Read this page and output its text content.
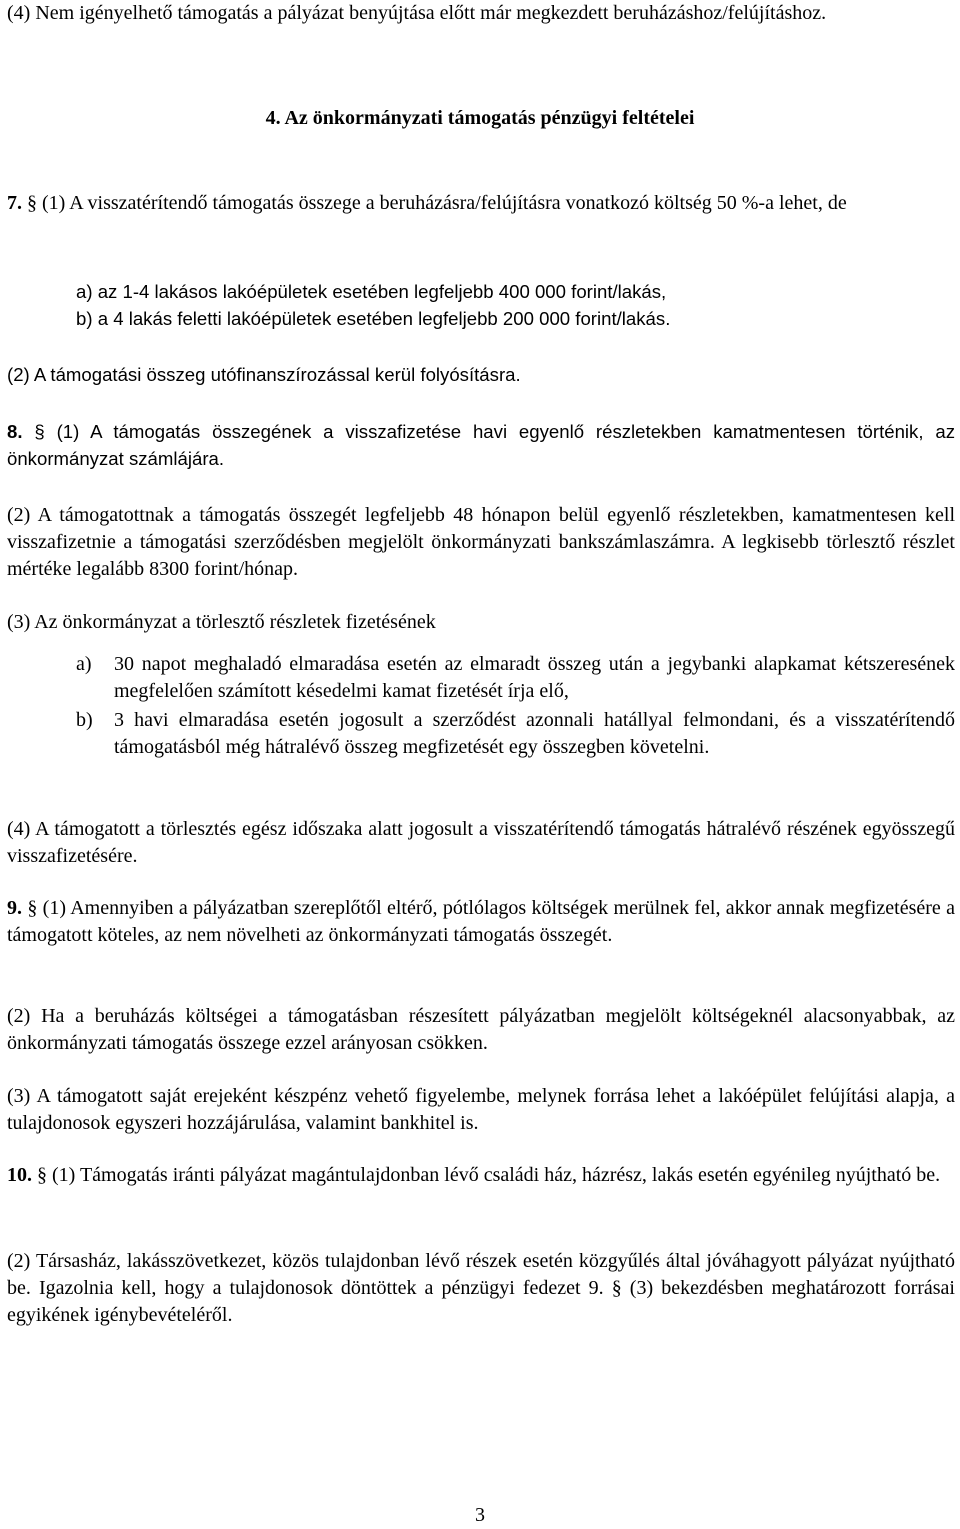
(4) Nem igényelhető támogatás a pályázat benyújtása előtt már megkezdett beruházáshoz/felújításhoz.

4. Az önkormányzati támogatás pénzügyi feltételei

7. § (1) A visszatérítendő támogatás összege a beruházásra/felújításra vonatkozó költség 50 %-a lehet, de

a) az 1-4 lakásos lakóépületek esetében legfeljebb 400 000 forint/lakás,

b) a 4 lakás feletti lakóépületek esetében legfeljebb 200 000 forint/lakás.

(2) A támogatási összeg utófinanszírozással kerül folyósításra.

8. § (1) A támogatás összegének a visszafizetése havi egyenlő részletekben kamatmentesen történik, az önkormányzat számlájára.

(2) A támogatottnak a támogatás összegét legfeljebb 48 hónapon belül egyenlő részletekben, kamatmentesen kell visszafizetnie a támogatási szerződésben megjelölt önkormányzati bankszámlaszámra. A legkisebb törlesztő részlet mértéke legalább 8300 forint/hónap.

(3) Az önkormányzat a törlesztő részletek fizetésének

a)	30 napot meghaladó elmaradása esetén az elmaradt összeg után a jegybanki alapkamat kétszeresének megfelelően számított késedelmi kamat fizetését írja elő,

b)	3 havi elmaradása esetén jogosult a szerződést azonnali hatállyal felmondani, és a visszatérítendő támogatásból még hátralévő összeg megfizetését egy összegben követelni.

(4) A támogatott a törlesztés egész időszaka alatt jogosult a visszatérítendő támogatás hátralévő részének egyösszegű visszafizetésére.

9. § (1) Amennyiben a pályázatban szereplőtől eltérő, pótlólagos költségek merülnek fel, akkor annak megfizetésére a támogatott köteles, az nem növelheti az önkormányzati támogatás összegét.

(2) Ha a beruházás költségei a támogatásban részesített pályázatban megjelölt költségeknél alacsonyabbak, az önkormányzati támogatás összege ezzel arányosan csökken.

(3) A támogatott saját erejeként készpénz vehető figyelembe, melynek forrása lehet a lakóépület felújítási alapja, a tulajdonosok egyszeri hozzájárulása, valamint bankhitel is.

10. § (1) Támogatás iránti pályázat magántulajdonban lévő családi ház, házrész, lakás esetén egyénileg nyújtható be.

(2) Társasház, lakásszövetkezet, közös tulajdonban lévő részek esetén közgyűlés által jóváhagyott pályázat nyújtható be. Igazolnia kell, hogy a tulajdonosok döntöttek a pénzügyi fedezet 9. § (3) bekezdésben meghatározott forrásai egyikének igénybevételéről.

3
